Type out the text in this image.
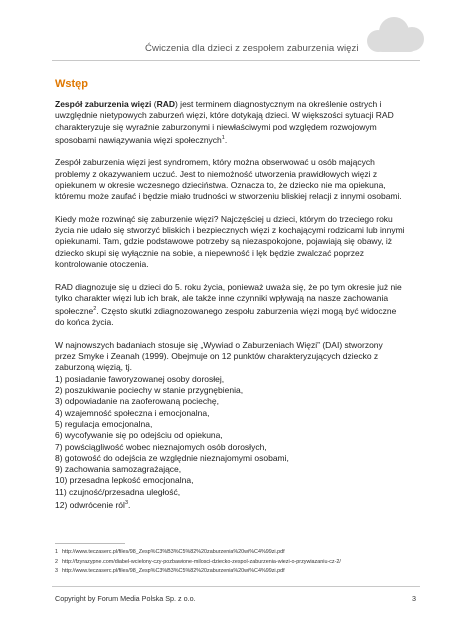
Ćwiczenia dla dzieci z zespołem zaburzenia więzi
Wstęp

Zespół zaburzenia więzi (RAD) jest terminem diagnostycznym na określenie ostrych i uwzględnie nietypowych zaburzeń więzi, które dotykają dzieci. W większości sytuacji RAD charakteryzuje się wyraźnie zaburzonymi i niewłaściwymi pod względem rozwojowym sposobami nawiązywania więzi społecznych$^1$.

Zespół zaburzenia więzi jest syndromem, który można obserwować u osób mających problemy z okazywaniem uczuć. Jest to niemożność utworzenia prawidłowych więzi z opiekunem w okresie wczesnego dzieciństwa. Oznacza to, że dziecko nie ma opiekuna, któremu może zaufać i będzie miało trudności w stworzeniu bliskiej relacji z innymi osobami.

Kiedy może rozwinąć się zaburzenie więzi? Najczęściej u dzieci, którym do trzeciego roku życia nie udało się stworzyć bliskich i bezpiecznych więzi z kochającymi rodzicami lub innymi opiekunami. Tam, gdzie podstawowe potrzeby są niezaspokojone, pojawiają się obawy, iż dziecko skupi się wyłącznie na sobie, a niepewność i lęk będzie zwalczać poprzez kontrolowanie otoczenia.

RAD diagnozuje się u dzieci do 5. roku życia, ponieważ uważa się, że po tym okresie już nie tylko charakter więzi lub ich brak, ale także inne czynniki wpływają na nasze zachowania społeczne$^2$. Często skutki zdiagnozowanego zespołu zaburzenia więzi mogą być widoczne do końca życia.

W najnowszych badaniach stosuje się „Wywiad o Zaburzeniach Więzi” (DAI) stworzony przez Smyke i Zeanah (1999). Obejmuje on 12 punktów charakteryzujących dziecko z zaburzoną więzią, tj.

1) posiadanie faworyzowanej osoby dorosłej,
2) poszukiwanie pociechy w stanie przygnębienia,
3) odpowiadanie na zaoferowaną pociechę,
4) wzajemność społeczna i emocjonalna,
5) regulacja emocjonalna,
6) wycofywanie się po odejściu od opiekuna,
7) powściągliwość wobec nieznajomych osób dorosłych,
8) gotowość do odejścia ze względnie nieznajomymi osobami,
9) zachowania samozagrażające,
10) przesadna lepkość emocjonalna,
11) czujność/przesadna uległość,
12) odwrócenie ról$^3$.
1 http://www.teczaserc.pl/files/98_Zesp%C3%B3%C5%82%20zaburzenia%20wi%C4%99zi.pdf
2 http://fzyrazypne.com/diabel-wcielony-czy-pozbawione-milosci-dziecko-zespol-zaburzenia-wiezi-o-przywiazaniu-cz-2/
3 http://www.teczaserc.pl/files/98_Zesp%C3%B3%C5%82%20zaburzenia%20wi%C4%99zi.pdf
Copyright by Forum Media Polska Sp. z o.o.	3
